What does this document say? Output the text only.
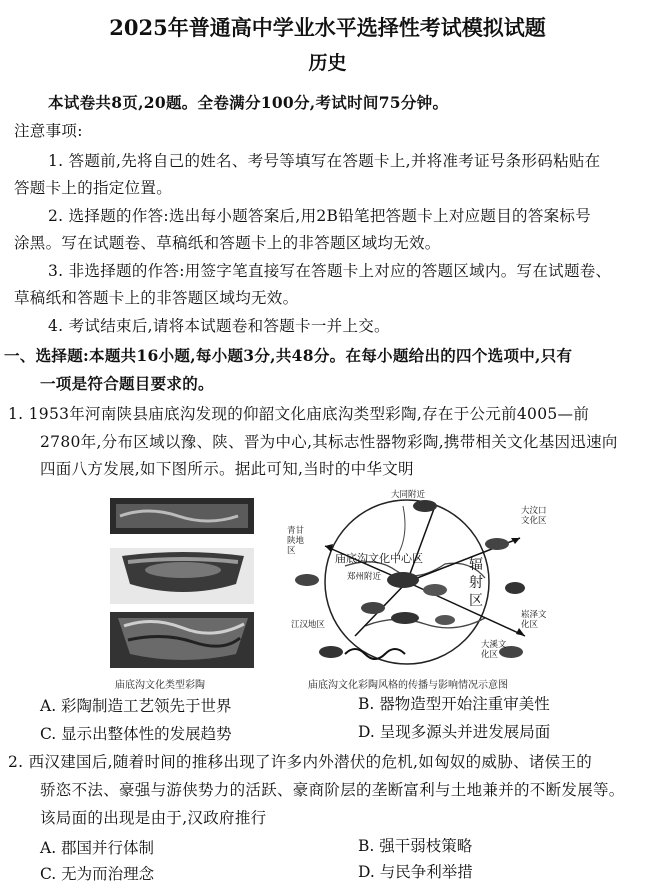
2025年普通高中学业水平选择性考试模拟试题
历史
本试卷共8页,20题。全卷满分100分,考试时间75分钟。
注意事项:
1. 答题前,先将自己的姓名、考号等填写在答题卡上,并将准考证号条形码粘贴在
答题卡上的指定位置。
2. 选择题的作答:选出每小题答案后,用2B铅笔把答题卡上对应题目的答案标号
涂黑。写在试题卷、草稿纸和答题卡上的非答题区域均无效。
3. 非选择题的作答:用签字笔直接写在答题卡上对应的答题区域内。写在试题卷、
草稿纸和答题卡上的非答题区域均无效。
4. 考试结束后,请将本试题卷和答题卡一并上交。
一、选择题:本题共16小题,每小题3分,共48分。在每小题给出的四个选项中,只有
一项是符合题目要求的。
1. 1953年河南陕县庙底沟发现的仰韶文化庙底沟类型彩陶,存在于公元前4005—前
2780年,分布区域以豫、陕、晋为中心,其标志性器物彩陶,携带相关文化基因迅速向
四面八方发展,如下图所示。据此可知,当时的中华文明
庙底沟文化类型彩陶
大同附近
青甘陕地区
庙底沟文化中心区
郑州附近
辐射区
大汶口文化区
江汉地区
崧泽文化区
大溪文化区
庙底沟文化彩陶风格的传播与影响情况示意图
A. 彩陶制造工艺领先于世界	B. 器物造型开始注重审美性
C. 显示出整体性的发展趋势	D. 呈现多源头并进发展局面
2. 西汉建国后,随着时间的推移出现了许多内外潜伏的危机,如匈奴的威胁、诸侯王的
骄恣不法、豪强与游侠势力的活跃、豪商阶层的垄断富利与土地兼并的不断发展等。
该局面的出现是由于,汉政府推行
A. 郡国并行体制	B. 强干弱枝策略
C. 无为而治理念	D. 与民争利举措
